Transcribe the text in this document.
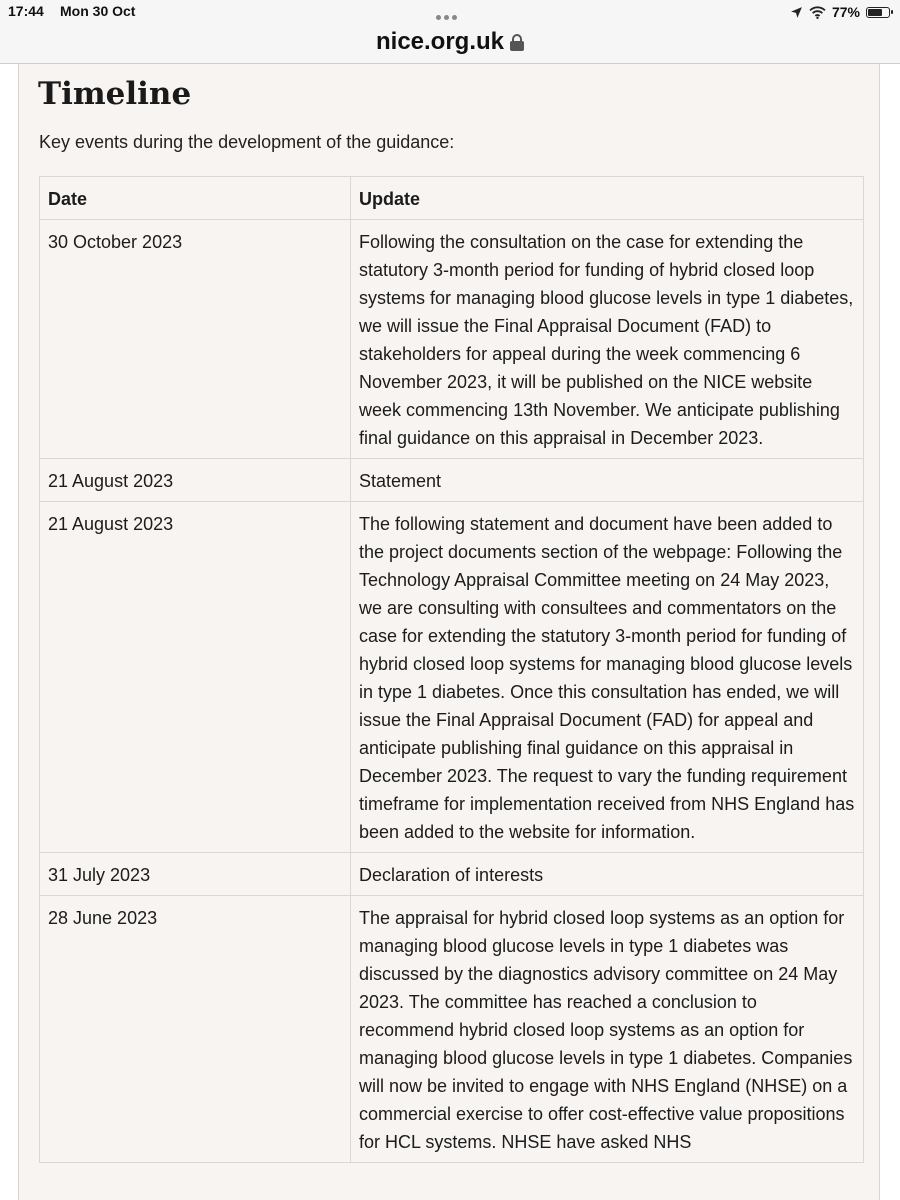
17:44 Mon 30 Oct	77%
nice.org.uk
Timeline

Key events during the development of the guidance:

Date	Update
30 October 2023	Following the consultation on the case for extending the statutory 3-month period for funding of hybrid closed loop systems for managing blood glucose levels in type 1 diabetes, we will issue the Final Appraisal Document (FAD) to stakeholders for appeal during the week commencing 6 November 2023, it will be published on the NICE website week commencing 13th November. We anticipate publishing final guidance on this appraisal in December 2023.
21 August 2023	Statement
21 August 2023	The following statement and document have been added to the project documents section of the webpage: Following the Technology Appraisal Committee meeting on 24 May 2023, we are consulting with consultees and commentators on the case for extending the statutory 3-month period for funding of hybrid closed loop systems for managing blood glucose levels in type 1 diabetes. Once this consultation has ended, we will issue the Final Appraisal Document (FAD) for appeal and anticipate publishing final guidance on this appraisal in December 2023. The request to vary the funding requirement timeframe for implementation received from NHS England has been added to the website for information.
31 July 2023	Declaration of interests
28 June 2023	The appraisal for hybrid closed loop systems as an option for managing blood glucose levels in type 1 diabetes was discussed by the diagnostics advisory committee on 24 May 2023. The committee has reached a conclusion to recommend hybrid closed loop systems as an option for managing blood glucose levels in type 1 diabetes. Companies will now be invited to engage with NHS England (NHSE) on a commercial exercise to offer cost-effective value propositions for HCL systems. NHSE have asked NHS
